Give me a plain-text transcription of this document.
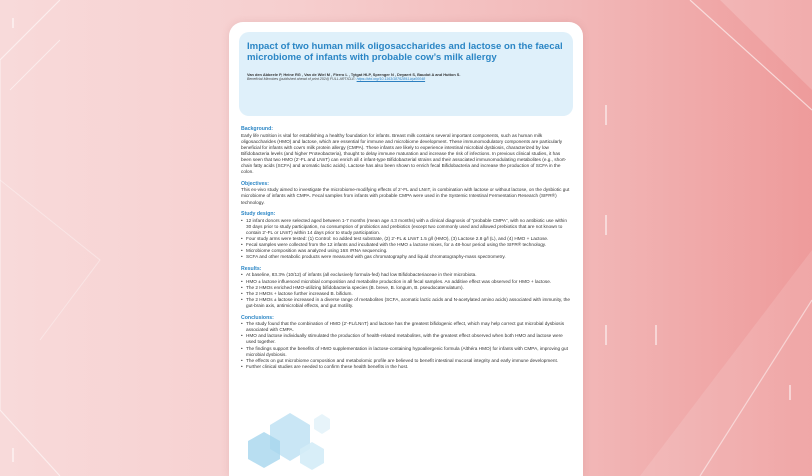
Impact of two human milk oligosaccharides and lactose on the faecal microbiome of infants with probable cow’s milk allergy
Van den Abbeele P, Heine RG , Van de Wiel M , Fierro L , Tytgat HLP, Sprenger N , Deyaert S, Baudot A and Hutton S.
Beneficial Microbes (published ahead of print 2024) FULL ARTICLE: https://doi.org/10.1163/18762891-bja00048
Background:

Early life nutrition is vital for establishing a healthy foundation for infants. Breast milk contains several important components, such as human milk oligosaccharides (HMO) and lactose, which are essential for immune and microbiome development. These immunomodulatory components are particularly beneficial for infants with cow’s milk protein allergy (CMPA). These infants are likely to experience intestinal microbial dysbiosis, characterized by low Bifidobacteria levels (and higher Proteobacteria), thought to delay immune maturation and increase the risk of infections. In previous clinical studies, it has been seen that two HMO (2’-FL and LNnT) can enrich all 4 infant-type Bifidobacterial strains and their associated immunomodulating metabolites (e.g., short-chain fatty acids (SCFA) and aromatic lactic acids). Lactose has also been shown to enrich fecal Bifidobacteria and increase the production of SCFA in the colon.

Objectives:

This ex-vivo study aimed to investigate the microbiome-modifying effects of 2’-FL and LNnT, in combination with lactose or without lactose, on the dysbiotic gut microbiome of infants with CMPA. Fecal samples from infants with probable CMPA were used in the Systemic Intestinal Fermentation Research (SIFR®) technology.

Study design:
• 12 infant donors were selected aged between 1-7 months (mean age 4.3 months) with a clinical diagnosis of “probable CMPA”, with no antibiotic use within 30 days prior to study participation, no consumption of probiotics and prebiotics (except two commonly used and allowed prebiotics that are not known to contain 2’-FL or LNnT) within 14 days prior to study participation.
• Four study arms were tested: (1) Control: no added test substrate, (2) 2’-FL & LNnT 1.5 g/l (HMO), (3) Lactose 2.8 g/l (L), and (4) HMO + Lactose.
• Fecal samples were collected from the 12 infants and incubated with the HMO ± lactose mixes, for a 48-hour period using the SIFR® technology.
• Microbiome composition was analyzed using 16S rRNA sequencing.
• SCFA and other metabolic products were measured with gas chromatography and liquid chromatography-mass spectrometry.
Results:
• At baseline, 83.3% (10/12) of infants (all exclusively formula-fed) had low Bifidobacteriaceae in their microbiota.
• HMO ± lactose influenced microbial composition and metabolite production in all fecal samples. An additive effect was observed for HMO + lactose.
• The 2 HMOs enriched HMO-utilizing bifidobacteria species (B. breve, B. longum, B. pseudocatenulatum).
• The 2 HMOs + lactose further increased B. bifidum.
• The 2 HMOs ± lactose increased in a diverse range of metabolites (SCFA, aromatic lactic acids and N-acetylated amino acids) associated with immunity, the gut-brain axis, antimicrobial effects, and gut motility.
Conclusions:
• The study found that the combination of HMO (2’-FL/LNnT) and lactose has the greatest bifidogenic effect, which may help correct gut microbial dysbiosis associated with CMPA.
• HMO and lactose individually stimulated the production of health-related metabolites, with the greatest effect observed when both HMO and lactose were used together.
• The findings support the benefits of HMO supplementation in lactose-containing hypoallergenic formula (Althéra HMO) for infants with CMPA, improving gut microbial dysbiosis.
• The effects on gut microbiome composition and metabolomic profile are believed to benefit intestinal mucosal integrity and early immune development.
• Further clinical studies are needed to confirm these health benefits in the host.
